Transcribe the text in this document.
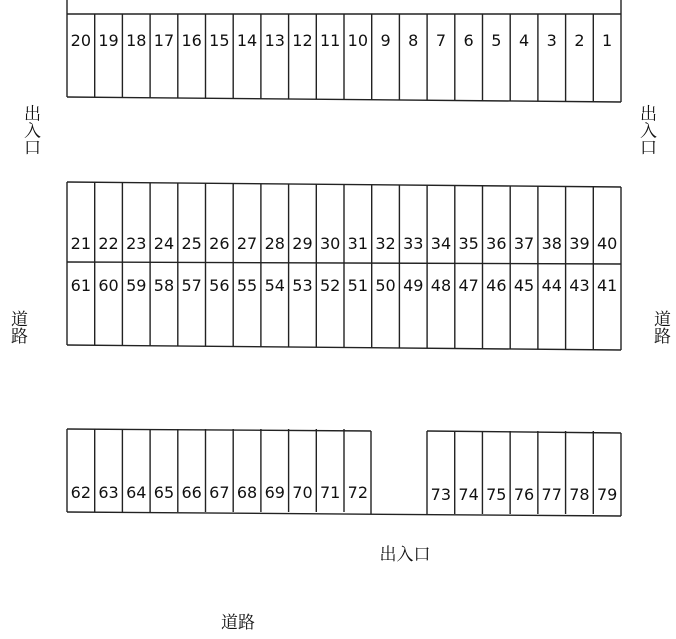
20 19 18 17 16 15 14 13 12 11 10 9 8 7 6 5 4 3 2 1
21 22 23 24 25 26 27 28 29 30 31 32 33 34 35 36 37 38 39 40
61 60 59 58 57 56 55 54 53 52 51 50 49 48 47 46 45 44 43 41
62 63 64 65 66 67 68 69 70 71 72	73 74 75 76 77 78 79
出入口	出入口
道路	道路
出入口
道路
